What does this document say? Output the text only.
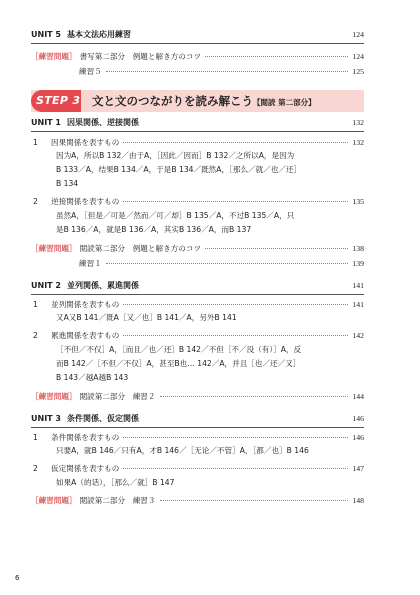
UNIT 5 基本文法応用練習	124
［練習問題］ 書写第二部分　例題と解き方のコツ	124
練習５	125
STEP 3 文と文のつながりを読み解こう【閲読 第二部分】
UNIT 1 因果関係、逆接関係	132
1	因果関係を表すもの	132
因为A，所以B 132／由于A，［因此／因而］B 132／之所以A，是因为
B 133／A，结果B 134／A，于是B 134／既然A，［那么／就／也／还］
B 134
2	逆接関係を表すもの	135
虽然A，［但是／可是／然而／可／却］B 135／A，不过B 135／A，只
是B 136／A，就是B 136／A，其实B 136／A，而B 137
［練習問題］ 閲読第二部分　例題と解き方のコツ	138
練習１	139
UNIT 2 並列関係、累進関係	141
1	並列関係を表すもの	141
又A又B 141／既A［又／也］B 141／A，另外B 141
2	累進関係を表すもの	142
［不但／不仅］A，［而且／也／还］B 142／不但［不／没（有）］A，反
而B 142／［不但／不仅］A，甚至B也… 142／A，并且［也／还／又］
B 143／越A越B 143
［練習問題］ 閲読第二部分　練習２	144
UNIT 3 条件関係、仮定関係	146
1	条件関係を表すもの	146
只要A，就B 146／只有A，才B 146／［无论／不管］A，［都／也］B 146
2	仮定関係を表すもの	147
如果A（的话），［那么／就］B 147
［練習問題］ 閲読第二部分　練習３	148
6
